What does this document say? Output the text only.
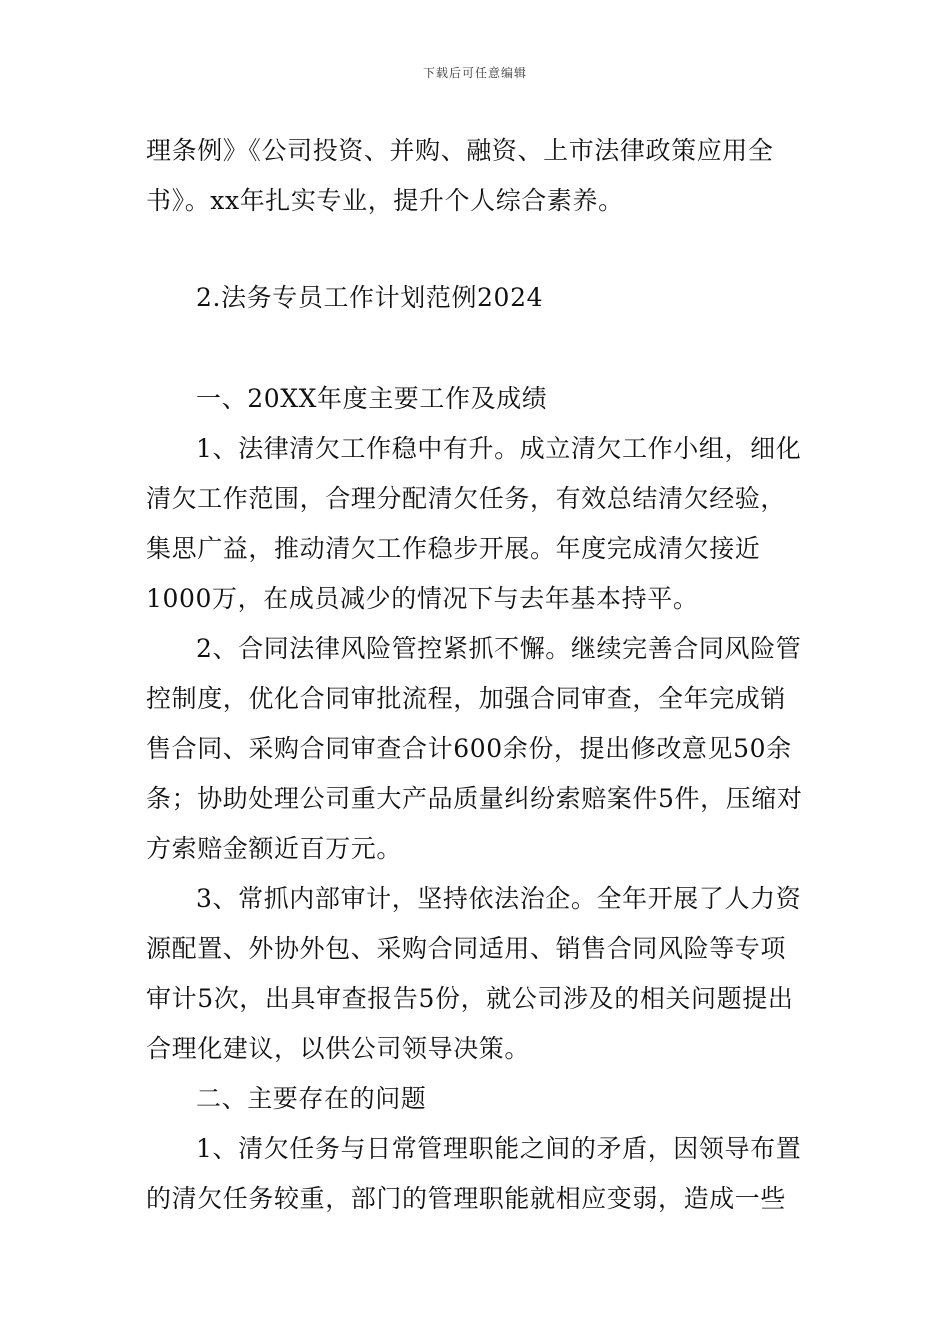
下载后可任意编辑
理条例》《公司投资、并购、融资、上市法律政策应用全
书》。xx年扎实专业，提升个人综合素养。
2.法务专员工作计划范例2024
一、20XX年度主要工作及成绩
1、法律清欠工作稳中有升。成立清欠工作小组，细化
清欠工作范围，合理分配清欠任务，有效总结清欠经验，
集思广益，推动清欠工作稳步开展。年度完成清欠接近
1000万，在成员减少的情况下与去年基本持平。
2、合同法律风险管控紧抓不懈。继续完善合同风险管
控制度，优化合同审批流程，加强合同审查，全年完成销
售合同、采购合同审查合计600余份，提出修改意见50余
条；协助处理公司重大产品质量纠纷索赔案件5件，压缩对
方索赔金额近百万元。
3、常抓内部审计，坚持依法治企。全年开展了人力资
源配置、外协外包、采购合同适用、销售合同风险等专项
审计5次，出具审查报告5份，就公司涉及的相关问题提出
合理化建议，以供公司领导决策。
二、主要存在的问题
1、清欠任务与日常管理职能之间的矛盾，因领导布置
的清欠任务较重，部门的管理职能就相应变弱，造成一些
